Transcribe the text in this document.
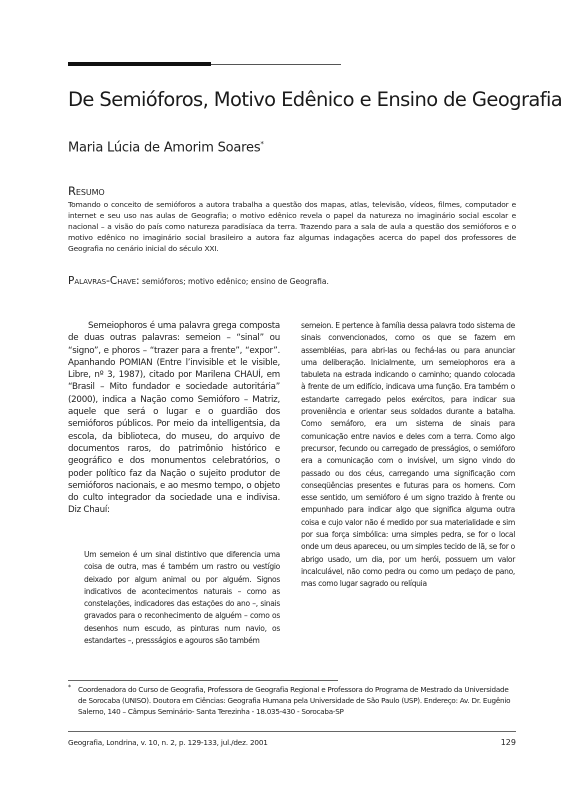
De Semióforos, Motivo Edênico e Ensino de Geografia
Maria Lúcia de Amorim Soares*
Resumo
Tomando o conceito de semióforos a autora trabalha a questão dos mapas, atlas, televisão, vídeos, filmes, computador e internet e seu uso nas aulas de Geografia; o motivo edênico revela o papel da natureza no imaginário social escolar e nacional – a visão do país como natureza paradisíaca da terra. Trazendo para a sala de aula a questão dos semióforos e o motivo edênico no imaginário social brasileiro a autora faz algumas indagações acerca do papel dos professores de Geografia no cenário inicial do século XXI.
Palavras-Chave: semióforos; motivo edênico; ensino de Geografia.

Semeiophoros é uma palavra grega composta de duas outras palavras: semeion – “sinal” ou “signo”, e phoros – “trazer para a frente”, “expor”. Apanhando POMIAN (Entre l’invisible et le visible, Libre, nº 3, 1987), citado por Marilena CHAUÍ, em “Brasil – Mito fundador e sociedade autoritária” (2000), indica a Nação como Semióforo – Matriz, aquele que será o lugar e o guardião dos semióforos públicos. Por meio da intelligentsia, da escola, da biblioteca, do museu, do arquivo de documentos raros, do patrimônio histórico e geográfico e dos monumentos celebratórios, o poder político faz da Nação o sujeito produtor de semióforos nacionais, e ao mesmo tempo, o objeto do culto integrador da sociedade una e indivisa. Diz Chauí:

Um semeion é um sinal distintivo que diferencia uma coisa de outra, mas é também um rastro ou vestígio deixado por algum animal ou por alguém. Signos indicativos de acontecimentos naturais – como as constelações, indicadores das estações do ano –, sinais gravados para o reconhecimento de alguém – como os desenhos num escudo, as pinturas num navio, os estandartes –, pressságios e agouros são também

semeion. E pertence à família dessa palavra todo sistema de sinais convencionados, como os que se fazem em assembléias, para abri-las ou fechá-las ou para anunciar uma deliberação. Inicialmente, um semeiophoros era a tabuleta na estrada indicando o caminho; quando colocada à frente de um edifício, indicava uma função. Era também o estandarte carregado pelos exércitos, para indicar sua proveniência e orientar seus soldados durante a batalha. Como semáforo, era um sistema de sinais para comunicação entre navios e deles com a terra. Como algo precursor, fecundo ou carregado de presságios, o semióforo era a comunicação com o invisível, um signo vindo do passado ou dos céus, carregando uma significação com conseqüências presentes e futuras para os homens. Com esse sentido, um semióforo é um signo trazido à frente ou empunhado para indicar algo que significa alguma outra coisa e cujo valor não é medido por sua materialidade e sim por sua força simbólica: uma simples pedra, se for o local onde um deus apareceu, ou um simples tecido de lã, se for o abrigo usado, um dia, por um herói, possuem um valor incalculável, não como pedra ou como um pedaço de pano, mas como lugar sagrado ou relíquia

*	Coordenadora do Curso de Geografia, Professora de Geografia Regional e Professora do Programa de Mestrado da Universidade de Sorocaba (UNISO). Doutora em Ciências: Geografia Humana pela Universidade de São Paulo (USP). Endereço: Av. Dr. Eugênio Salerno, 140 – Câmpus Seminário- Santa Terezinha - 18.035-430 - Sorocaba-SP
Geografia, Londrina, v. 10, n. 2, p. 129-133, jul./dez. 2001	129
